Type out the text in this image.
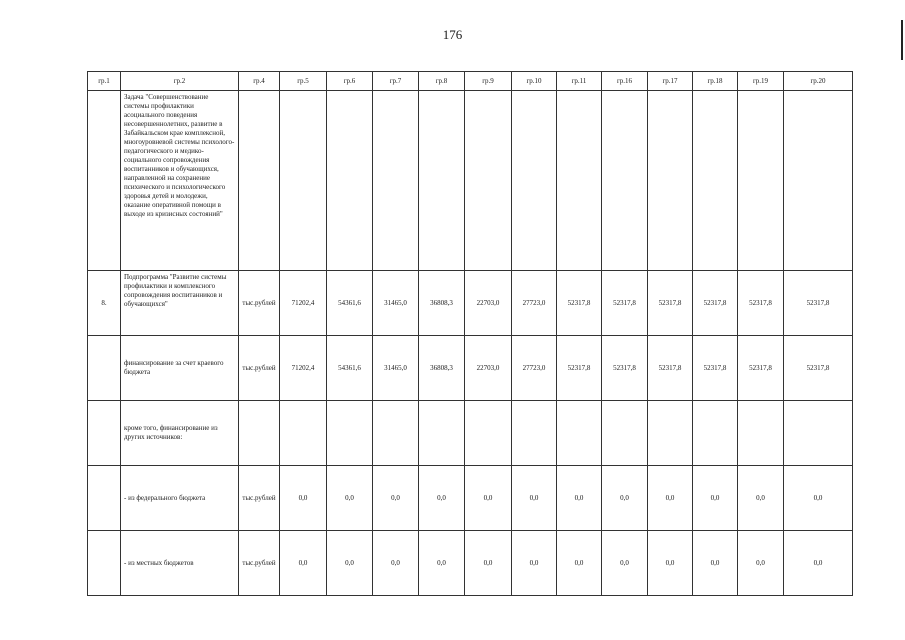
176
гр.1	гр.2	гр.4	гр.5	гр.6	гр.7	гр.8	гр.9	гр.10	гр.11	гр.16	гр.17	гр.18	гр.19	гр.20
	Задача "Совершенствование системы профилактики асоциального поведения несовершеннолетних, развитие в Забайкальском крае комплексной, многоуровневой системы психолого-педагогического и медико-социального сопровождения воспитанников и обучающихся, направленной на сохранение психического и психологического здоровья детей и молодежи, оказание оперативной помощи в выходе из кризисных состояний"													
8.	Подпрограмма "Развитие системы профилактики и комплексного сопровождения воспитанников и обучающихся"	тыс.рублей	71202,4	54361,6	31465,0	36808,3	22703,0	27723,0	52317,8	52317,8	52317,8	52317,8	52317,8	52317,8
	финансирование за счет краевого бюджета	тыс.рублей	71202,4	54361,6	31465,0	36808,3	22703,0	27723,0	52317,8	52317,8	52317,8	52317,8	52317,8	52317,8
	кроме того, финансирование из других источников:													
	- из федерального бюджета	тыс.рублей	0,0	0,0	0,0	0,0	0,0	0,0	0,0	0,0	0,0	0,0	0,0	0,0
	- из местных бюджетов	тыс.рублей	0,0	0,0	0,0	0,0	0,0	0,0	0,0	0,0	0,0	0,0	0,0	0,0
